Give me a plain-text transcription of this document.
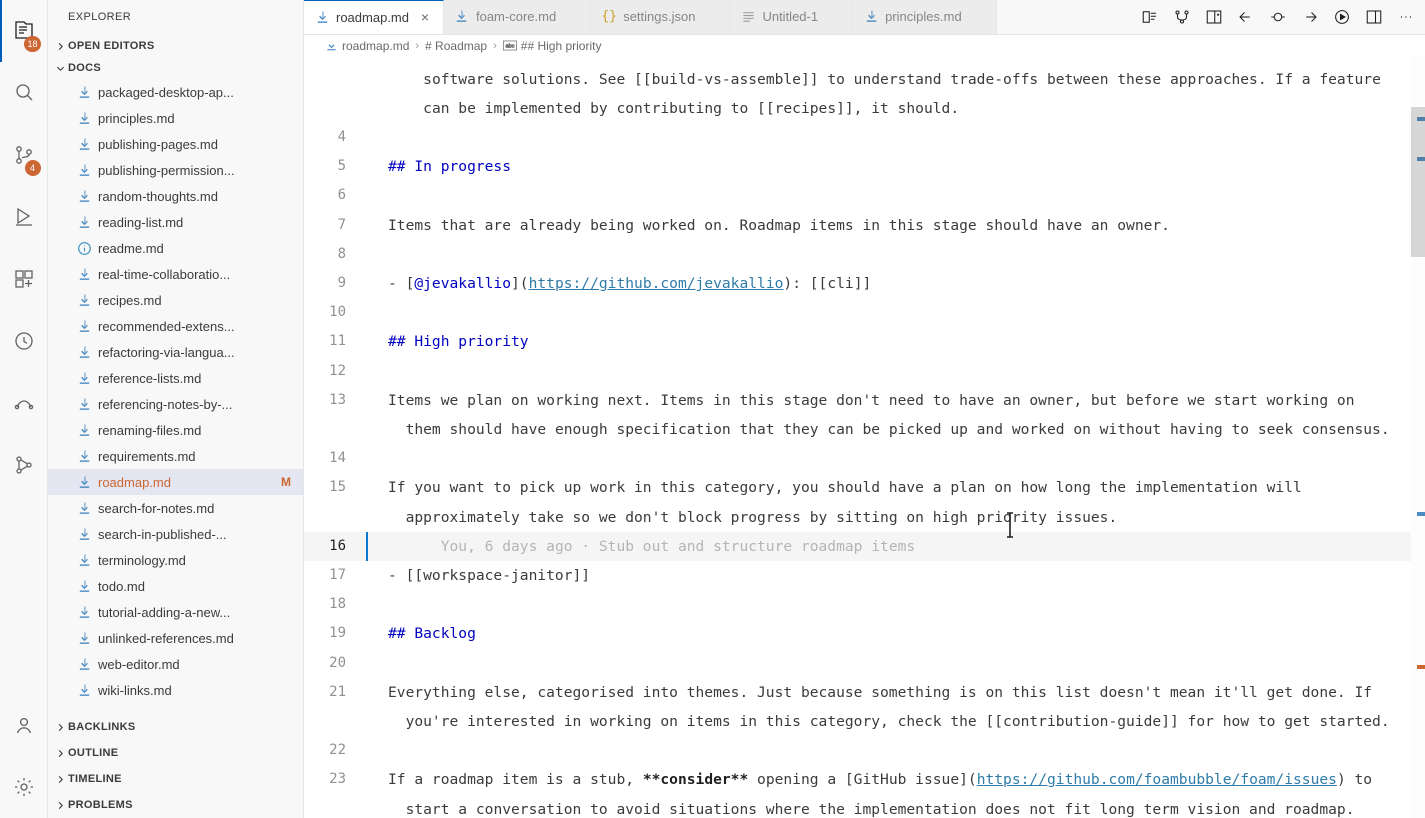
18
4
EXPLORER
OPEN EDITORS
DOCS
packaged-desktop-ap...
principles.md
publishing-pages.md
publishing-permission...
random-thoughts.md
reading-list.md
readme.md
real-time-collaboratio...
recipes.md
recommended-extens...
refactoring-via-langua...
reference-lists.md
referencing-notes-by-...
renaming-files.md
requirements.md
roadmap.md	M
search-for-notes.md
search-in-published-...
terminology.md
todo.md
tutorial-adding-a-new...
unlinked-references.md
web-editor.md
wiki-links.md
BACKLINKS
OUTLINE
TIMELINE
PROBLEMS
roadmap.md ×	foam-core.md	{} settings.json	Untitled-1	principles.md
roadmap.md › # Roadmap › abc ## High priority
software solutions. See [[build-vs-assemble]] to understand trade-offs between these approaches. If a feature
can be implemented by contributing to [[recipes]], it should.
4

5	## In progress
6

7	Items that are already being worked on. Roadmap items in this stage should have an owner.
8

9	- [@jevakallio](https://github.com/jevakallio): [[cli]]
10

11	## High priority
12

13	Items we plan on working next. Items in this stage don't need to have an owner, but before we start working on
them should have enough specification that they can be picked up and worked on without having to seek consensus.
14

15	If you want to pick up work in this category, you should have a plan on how long the implementation will
approximately take so we don't block progress by sitting on high priority issues.
16	You, 6 days ago · Stub out and structure roadmap items
17	- [[workspace-janitor]]
18

19	## Backlog
20

21	Everything else, categorised into themes. Just because something is on this list doesn't mean it'll get done. If
you're interested in working on items in this category, check the [[contribution-guide]] for how to get started.
22

23	If a roadmap item is a stub, **consider** opening a [GitHub issue](https://github.com/foambubble/foam/issues) to
start a conversation to avoid situations where the implementation does not fit long term vision and roadmap.
